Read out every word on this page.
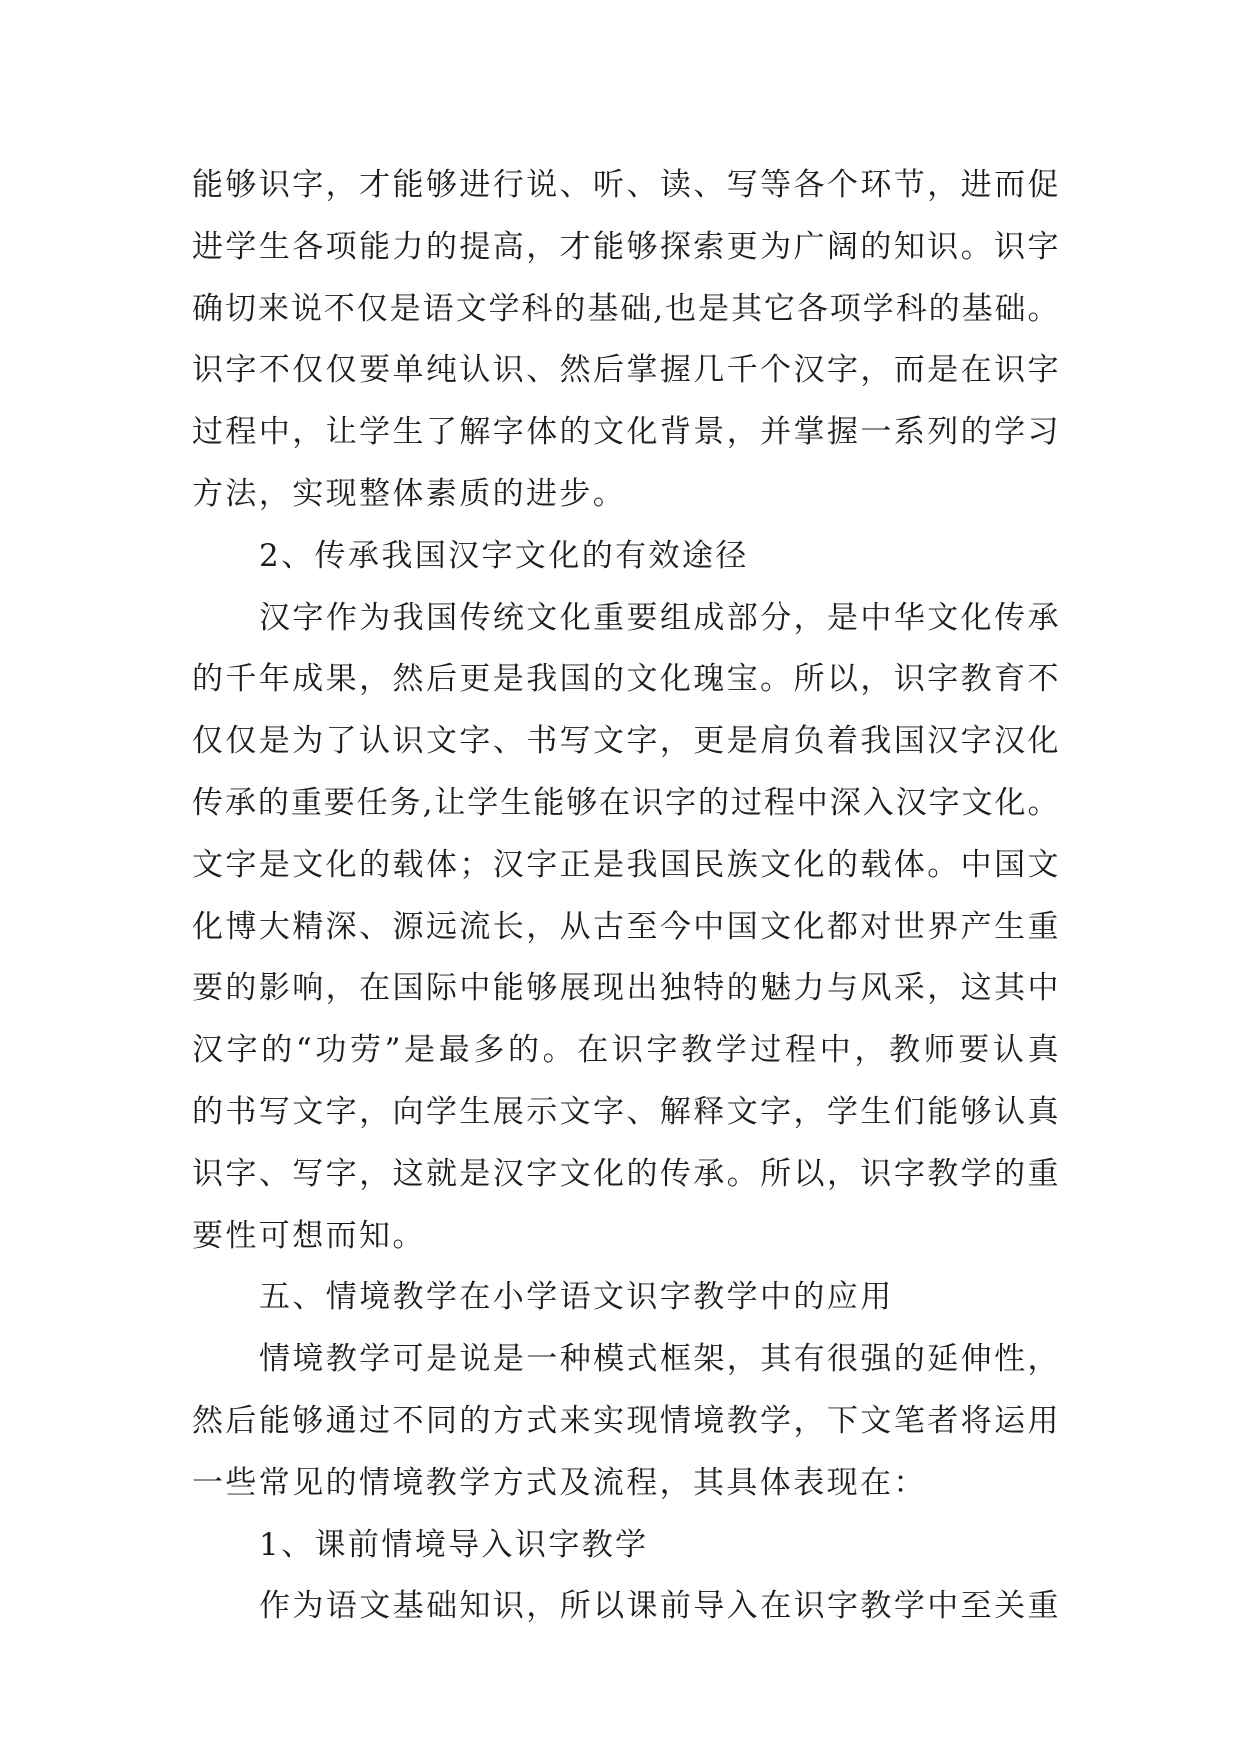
能够识字，才能够进行说、听、读、写等各个环节，进而促
进学生各项能力的提高，才能够探索更为广阔的知识。识字
确切来说不仅是语文学科的基础,也是其它各项学科的基础。
识字不仅仅要单纯认识、然后掌握几千个汉字，而是在识字
过程中，让学生了解字体的文化背景，并掌握一系列的学习
方法，实现整体素质的进步。
2、传承我国汉字文化的有效途径
汉字作为我国传统文化重要组成部分，是中华文化传承
的千年成果，然后更是我国的文化瑰宝。所以，识字教育不
仅仅是为了认识文字、书写文字，更是肩负着我国汉字汉化
传承的重要任务,让学生能够在识字的过程中深入汉字文化。
文字是文化的载体；汉字正是我国民族文化的载体。中国文
化博大精深、源远流长，从古至今中国文化都对世界产生重
要的影响，在国际中能够展现出独特的魅力与风采，这其中
汉字的“功劳”是最多的。在识字教学过程中，教师要认真
的书写文字，向学生展示文字、解释文字，学生们能够认真
识字、写字，这就是汉字文化的传承。所以，识字教学的重
要性可想而知。
五、情境教学在小学语文识字教学中的应用
情境教学可是说是一种模式框架，其有很强的延伸性，
然后能够通过不同的方式来实现情境教学，下文笔者将运用
一些常见的情境教学方式及流程，其具体表现在：
1、课前情境导入识字教学
作为语文基础知识，所以课前导入在识字教学中至关重
